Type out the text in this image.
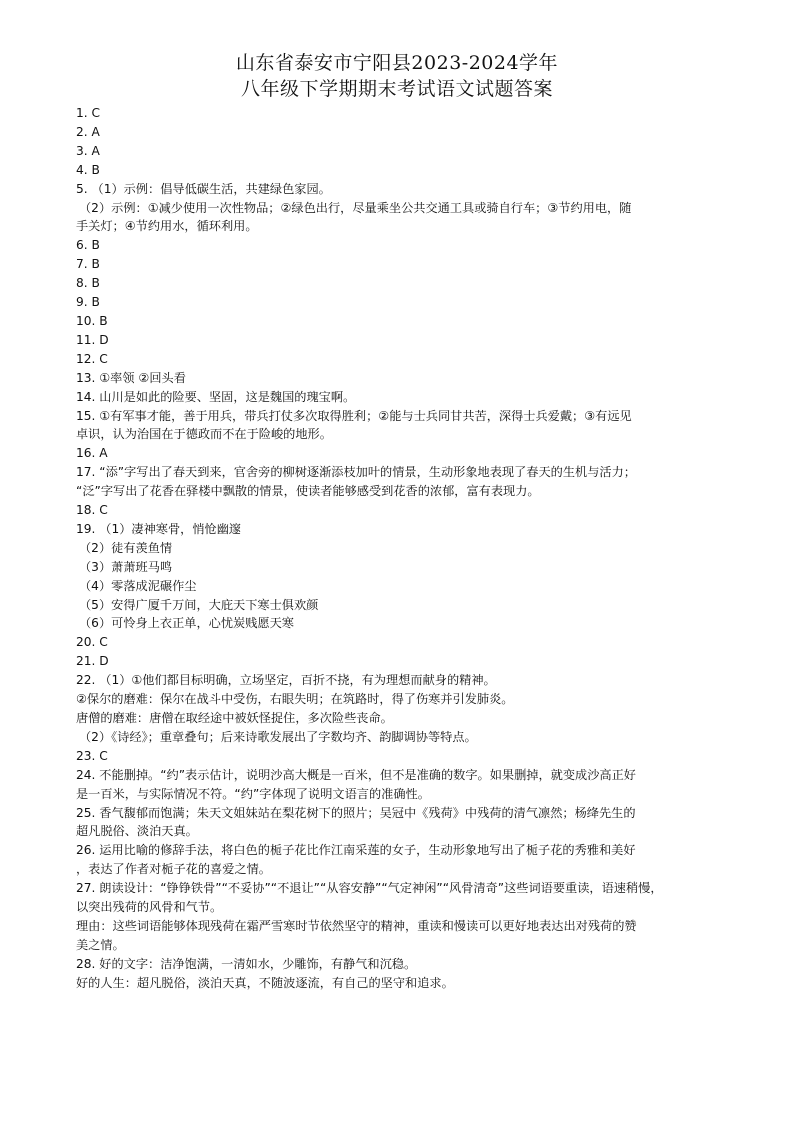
山东省泰安市宁阳县2023-2024学年
八年级下学期期末考试语文试题答案
1. C
2. A
3. A
4. B
5. （1）示例：倡导低碳生活，共建绿色家园。
（2）示例：①减少使用一次性物品；②绿色出行，尽量乘坐公共交通工具或骑自行车；③节约用电，随
手关灯；④节约用水，循环利用。
6. B
7. B
8. B
9. B
10. B
11. D
12. C
13. ①率领 ②回头看
14. 山川是如此的险要、坚固，这是魏国的瑰宝啊。
15. ①有军事才能，善于用兵，带兵打仗多次取得胜利；②能与士兵同甘共苦，深得士兵爱戴；③有远见
卓识，认为治国在于德政而不在于险峻的地形。
16. A
17. “添”字写出了春天到来，官舍旁的柳树逐渐添枝加叶的情景，生动形象地表现了春天的生机与活力；
“泛”字写出了花香在驿楼中飘散的情景，使读者能够感受到花香的浓郁，富有表现力。
18. C
19. （1）凄神寒骨，悄怆幽邃
（2）徒有羡鱼情
（3）萧萧班马鸣
（4）零落成泥碾作尘
（5）安得广厦千万间，大庇天下寒士俱欢颜
（6）可怜身上衣正单，心忧炭贱愿天寒
20. C
21. D
22. （1）①他们都目标明确，立场坚定，百折不挠，有为理想而献身的精神。
②保尔的磨难：保尔在战斗中受伤，右眼失明；在筑路时，得了伤寒并引发肺炎。
唐僧的磨难：唐僧在取经途中被妖怪捉住，多次险些丧命。
（2）《诗经》；重章叠句；后来诗歌发展出了字数均齐、韵脚调协等特点。
23. C
24. 不能删掉。“约”表示估计，说明沙高大概是一百米，但不是准确的数字。如果删掉，就变成沙高正好
是一百米，与实际情况不符。“约”字体现了说明文语言的准确性。
25. 香气馥郁而饱满；朱天文姐妹站在梨花树下的照片；吴冠中《残荷》中残荷的清气凛然；杨绛先生的
超凡脱俗、淡泊天真。
26. 运用比喻的修辞手法，将白色的栀子花比作江南采莲的女子，生动形象地写出了栀子花的秀雅和美好
，表达了作者对栀子花的喜爱之情。
27. 朗读设计：“铮铮铁骨”“不妥协”“不退让”“从容安静”“气定神闲”“风骨清奇”这些词语要重读，语速稍慢，
以突出残荷的风骨和气节。
理由：这些词语能够体现残荷在霜严雪寒时节依然坚守的精神，重读和慢读可以更好地表达出对残荷的赞
美之情。
28. 好的文字：洁净饱满，一清如水，少雕饰，有静气和沉稳。
好的人生：超凡脱俗，淡泊天真，不随波逐流，有自己的坚守和追求。
